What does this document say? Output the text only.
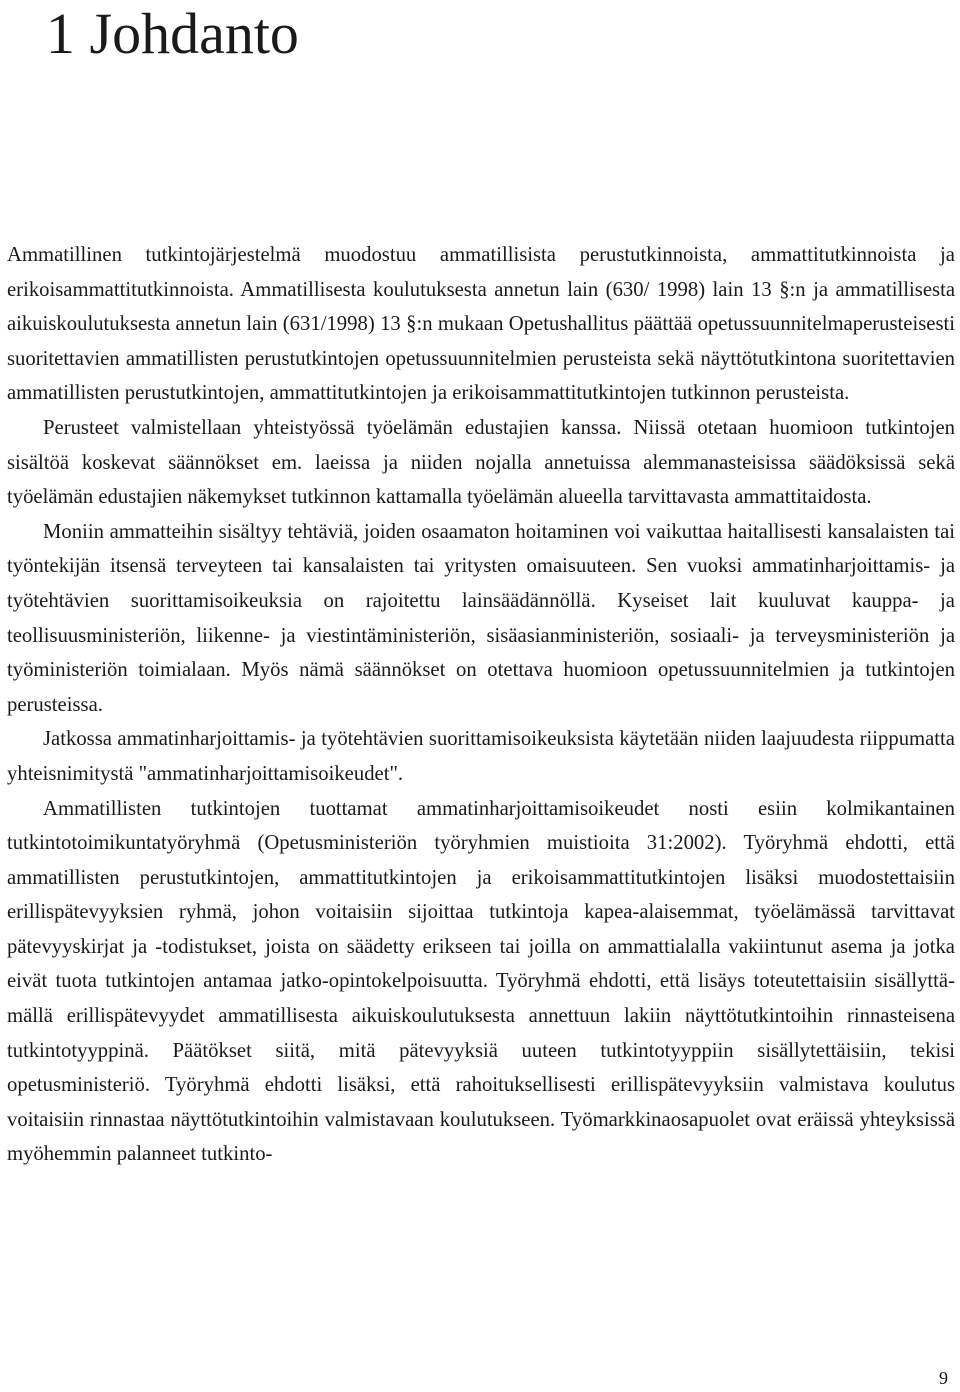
1 Johdanto

Ammatillinen tutkintojärjestelmä muodostuu ammatillisista perustutkinnoista, ammattitutkinnoista ja erikoisammattitutkinnoista. Ammatillisesta koulutuksesta annetun lain (630/ 1998) lain 13 §:n ja ammatillisesta aikuiskoulutuksesta annetun lain (631/1998) 13 §:n mukaan Opetushallitus päättää opetussuunnitelmaperusteisesti suoritettavien ammatillisten perustutkintojen opetussuunnitelmien perusteista sekä näyttötutkintona suoritettavien ammatillisten perustutkintojen, ammattitutkintojen ja erikoisammattitutkintojen tutkinnon perusteista.

Perusteet valmistellaan yhteistyössä työelämän edustajien kanssa. Niissä otetaan huomioon tutkintojen sisältöä koskevat säännökset em. laeissa ja niiden nojalla annetuissa alemmanasteisissa säädöksissä sekä työelämän edustajien näkemykset tutkinnon kattamalla työelämän alueella tarvittavasta ammattitaidosta.

Moniin ammatteihin sisältyy tehtäviä, joiden osaamaton hoitaminen voi vaikuttaa haitallisesti kansalaisten tai työntekijän itsensä terveyteen tai kansalaisten tai yritysten omaisuuteen. Sen vuoksi ammatinharjoittamis- ja työtehtävien suorittamisoikeuksia on rajoitettu lainsäädännöllä. Kyseiset lait kuuluvat kauppa- ja teollisuusministeriön, liikenne- ja viestintäministeriön, sisäasianministeriön, sosiaali- ja terveysministeriön ja työministeriön toimialaan. Myös nämä säännökset on otettava huomioon opetussuunnitelmien ja tutkintojen perusteissa.

Jatkossa ammatinharjoittamis- ja työtehtävien suorittamisoikeuksista käytetään niiden laajuudesta riippumatta yhteisnimitystä "ammatinharjoittamisoikeudet".

Ammatillisten tutkintojen tuottamat ammatinharjoittamisoikeudet nosti esiin kolmikantainen tutkintotoimikuntatyöryhmä (Opetusministeriön työryhmien muistioita 31:2002). Työryhmä ehdotti, että ammatillisten perustutkintojen, ammattitutkintojen ja erikoisammattitutkintojen lisäksi muodostettaisiin erillispätevyyksien ryhmä, johon voitaisiin sijoittaa tutkintoja kapea-alaisemmat, työelämässä tarvittavat pätevyyskirjat ja -todistukset, joista on säädetty erikseen tai joilla on ammattialalla vakiintunut asema ja jotka eivät tuota tutkintojen antamaa jatko-opintokelpoisuutta. Työryhmä ehdotti, että lisäys toteutettaisiin sisällyttämällä erillispätevyydet ammatillisesta aikuiskoulutuksesta annettuun lakiin näyttötutkintoihin rinnasteisena tutkintotyyppinä. Päätökset siitä, mitä pätevyyksiä uuteen tutkintotyyppiin sisällytettäisiin, tekisi opetusministeriö. Työryhmä ehdotti lisäksi, että rahoituksellisesti erillispätevyyksiin valmistava koulutus voitaisiin rinnastaa näyttötutkintoihin valmistavaan koulutukseen. Työmarkkinaosapuolet ovat eräissä yhteyksissä myöhemmin palanneet tutkinto-

9
